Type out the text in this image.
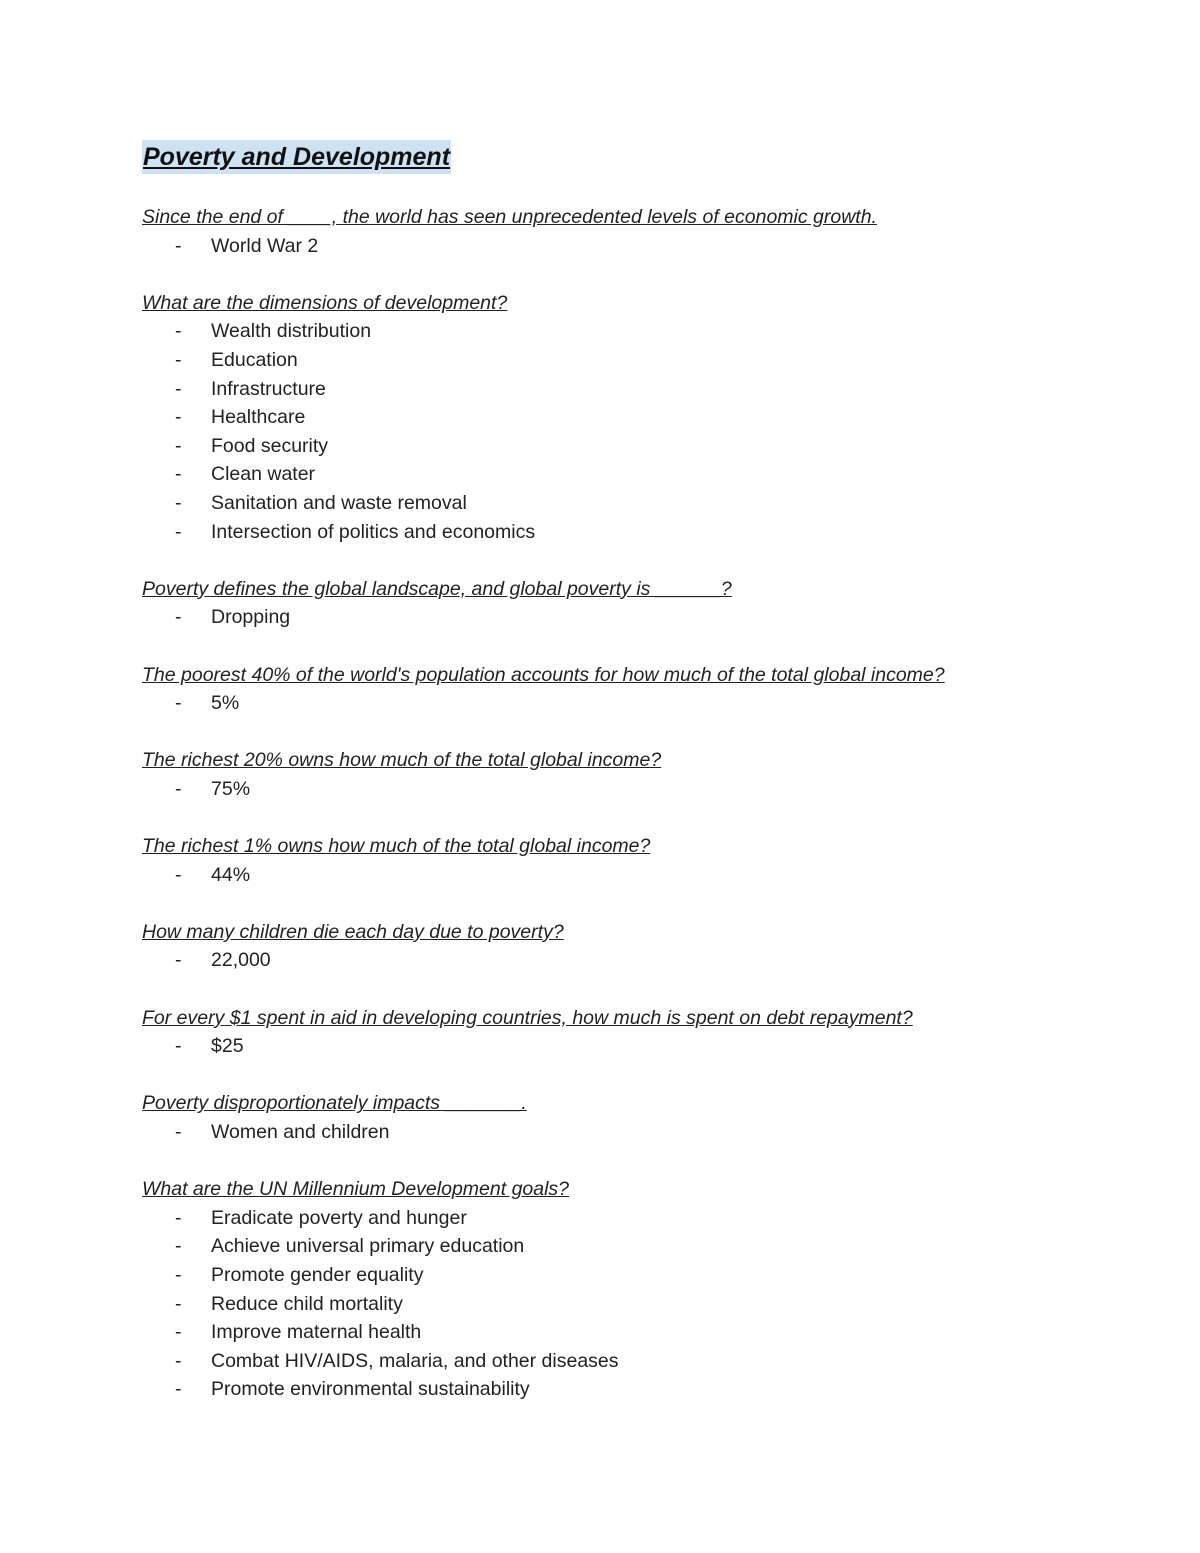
Poverty and Development

Since the end of ____, the world has seen unprecedented levels of economic growth.

- World War 2

What are the dimensions of development?

- Wealth distribution
- Education
- Infrastructure
- Healthcare
- Food security
- Clean water
- Sanitation and waste removal
- Intersection of politics and economics

Poverty defines the global landscape, and global poverty is ______?

- Dropping

The poorest 40% of the world's population accounts for how much of the total global income?

- 5%

The richest 20% owns how much of the total global income?

- 75%

The richest 1% owns how much of the total global income?

- 44%

How many children die each day due to poverty?

- 22,000

For every $1 spent in aid in developing countries, how much is spent on debt repayment?

- $25

Poverty disproportionately impacts _______.

- Women and children

What are the UN Millennium Development goals?

- Eradicate poverty and hunger
- Achieve universal primary education
- Promote gender equality
- Reduce child mortality
- Improve maternal health
- Combat HIV/AIDS, malaria, and other diseases
- Promote environmental sustainability
